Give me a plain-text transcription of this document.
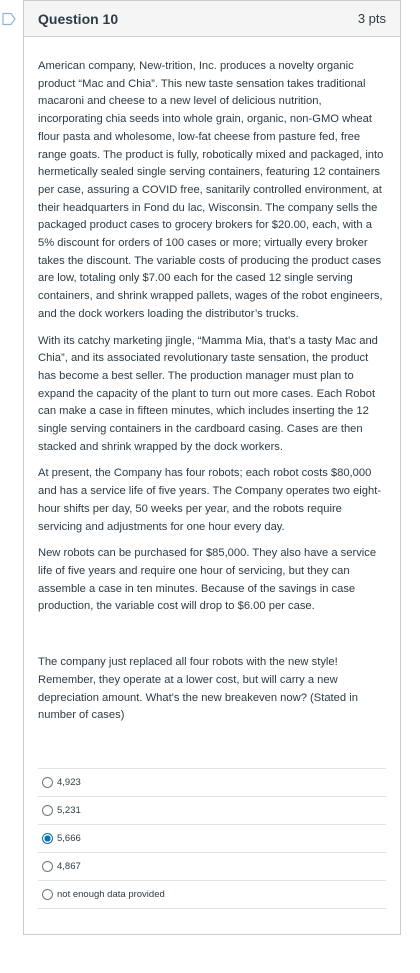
Question 10	3 pts

American company, New-trition, Inc. produces a novelty organic product “Mac and Chia”. This new taste sensation takes traditional macaroni and cheese to a new level of delicious nutrition, incorporating chia seeds into whole grain, organic, non-GMO wheat flour pasta and wholesome, low-fat cheese from pasture fed, free range goats. The product is fully, robotically mixed and packaged, into hermetically sealed single serving containers, featuring 12 containers per case, assuring a COVID free, sanitarily controlled environment, at their headquarters in Fond du lac, Wisconsin. The company sells the packaged product cases to grocery brokers for $20.00, each, with a 5% discount for orders of 100 cases or more; virtually every broker takes the discount. The variable costs of producing the product cases are low, totaling only $7.00 each for the cased 12 single serving containers, and shrink wrapped pallets, wages of the robot engineers, and the dock workers loading the distributor’s trucks.

With its catchy marketing jingle, “Mamma Mia, that’s a tasty Mac and Chia”, and its associated revolutionary taste sensation, the product has become a best seller. The production manager must plan to expand the capacity of the plant to turn out more cases. Each Robot can make a case in fifteen minutes, which includes inserting the 12 single serving containers in the cardboard casing. Cases are then stacked and shrink wrapped by the dock workers.

At present, the Company has four robots; each robot costs $80,000 and has a service life of five years. The Company operates two eight-hour shifts per day, 50 weeks per year, and the robots require servicing and adjustments for one hour every day.

New robots can be purchased for $85,000. They also have a service life of five years and require one hour of servicing, but they can assemble a case in ten minutes. Because of the savings in case production, the variable cost will drop to $6.00 per case.

The company just replaced all four robots with the new style! Remember, they operate at a lower cost, but will carry a new depreciation amount. What's the new breakeven now? (Stated in number of cases)

4,923
5,231
5,666
4,867
not enough data provided
